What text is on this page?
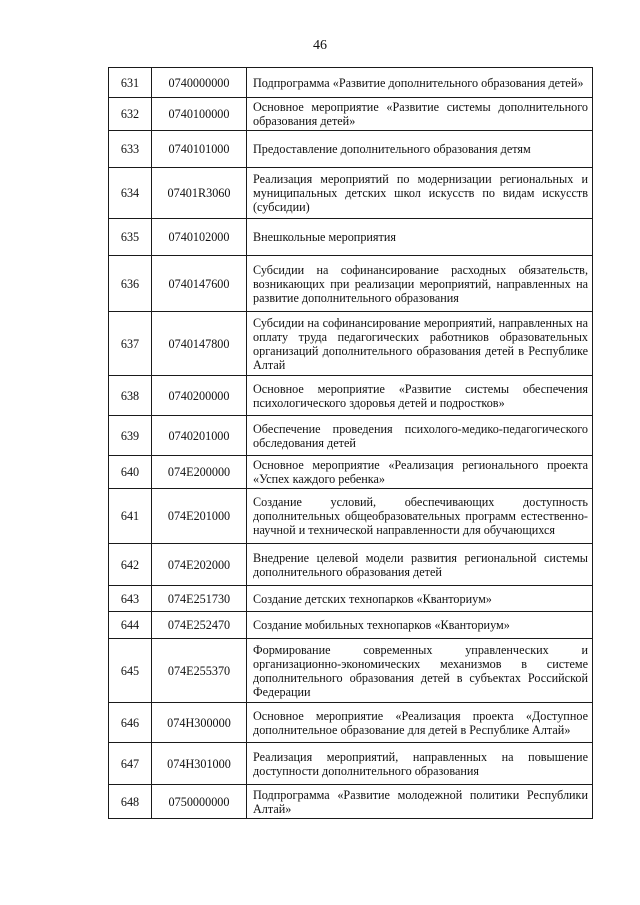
46
631	0740000000	Подпрограмма «Развитие дополнительного образования детей»
632	0740100000	Основное мероприятие «Развитие системы дополнительного образования детей»
633	0740101000	Предоставление дополнительного образования детям
634	07401R3060	Реализация мероприятий по модернизации региональных и муниципальных детских школ искусств по видам искусств (субсидии)
635	0740102000	Внешкольные мероприятия
636	0740147600	Субсидии на софинансирование расходных обязательств, возникающих при реализации мероприятий, направленных на развитие дополнительного образования
637	0740147800	Субсидии на софинансирование мероприятий, направленных на оплату труда педагогических работников образовательных организаций дополнительного образования детей в Республике Алтай
638	0740200000	Основное мероприятие «Развитие системы обеспечения психологического здоровья детей и подростков»
639	0740201000	Обеспечение проведения психолого-медико-педагогического обследования детей
640	074E200000	Основное мероприятие «Реализация регионального проекта «Успех каждого ребенка»
641	074E201000	Создание условий, обеспечивающих доступность дополнительных общеобразовательных программ естественно-научной и технической направленности для обучающихся
642	074E202000	Внедрение целевой модели развития региональной системы дополнительного образования детей
643	074E251730	Создание детских технопарков «Кванториум»
644	074E252470	Создание мобильных технопарков «Кванториум»
645	074E255370	Формирование современных управленческих и организационно-экономических механизмов в системе дополнительного образования детей в субъектах Российской Федерации
646	074H300000	Основное мероприятие «Реализация проекта «Доступное дополнительное образование для детей в Республике Алтай»
647	074H301000	Реализация мероприятий, направленных на повышение доступности дополнительного образования
648	0750000000	Подпрограмма «Развитие молодежной политики Республики Алтай»
